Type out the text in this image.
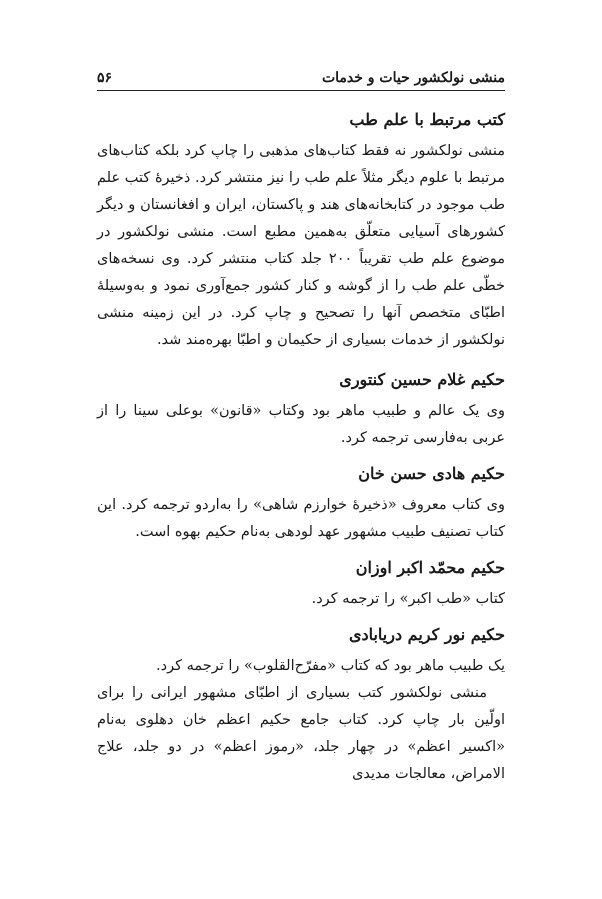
منشی نولکشور حیات و خدمات
۵۶
کتب مرتبط با علم طب

منشی نولکشور نه فقط کتاب‌های مذهبی را چاپ کرد بلکه کتاب‌های مرتبط با علوم دیگر مثلاً علم طب را نیز منتشر کرد. ذخیرهٔ کتب علم طب موجود در کتابخانه‌های هند و پاکستان، ایران و افغانستان و دیگر کشورهای آسیایی متعلّق به‌همین مطبع است. منشی نولکشور در موضوع علم طب تقریباً ۲۰۰ جلد کتاب منتشر کرد. وی نسخه‌های خطّی علم طب را از گوشه و کنار کشور جمع‌آوری نمود و به‌وسیلهٔ اطبّای متخصص آنها را تصحیح و چاپ کرد. در این زمینه منشی نولکشور از خدمات بسیاری از حکیمان و اطبّا بهره‌مند شد.

حکیم غلام حسین کنتوری

وی یک عالم و طبیب ماهر بود وکتاب «قانون» بوعلی سینا را از عربی به‌فارسی ترجمه کرد.

حکیم هادی حسن خان

وی کتاب معروف «ذخیرهٔ خوارزم شاهی» را به‌اردو ترجمه کرد. این کتاب تصنیف طبیب مشهور عهد لودهی به‌نام حکیم بهوه است.

حکیم محمّد اکبر اوزان

کتاب «طب اکبر» را ترجمه کرد.

حکیم نور کریم دریابادی

یک طبیب ماهر بود که کتاب «مفرّح‌القلوب» را ترجمه کرد.

منشی نولکشور کتب بسیاری از اطبّای مشهور ایرانی را برای اولّین بار چاپ کرد. کتاب جامع حکیم اعظم خان دهلوی به‌نام «اکسیر اعظم» در چهار جلد، «رموز اعظم» در دو جلد، علاج الامراض، معالجات مدیدی
